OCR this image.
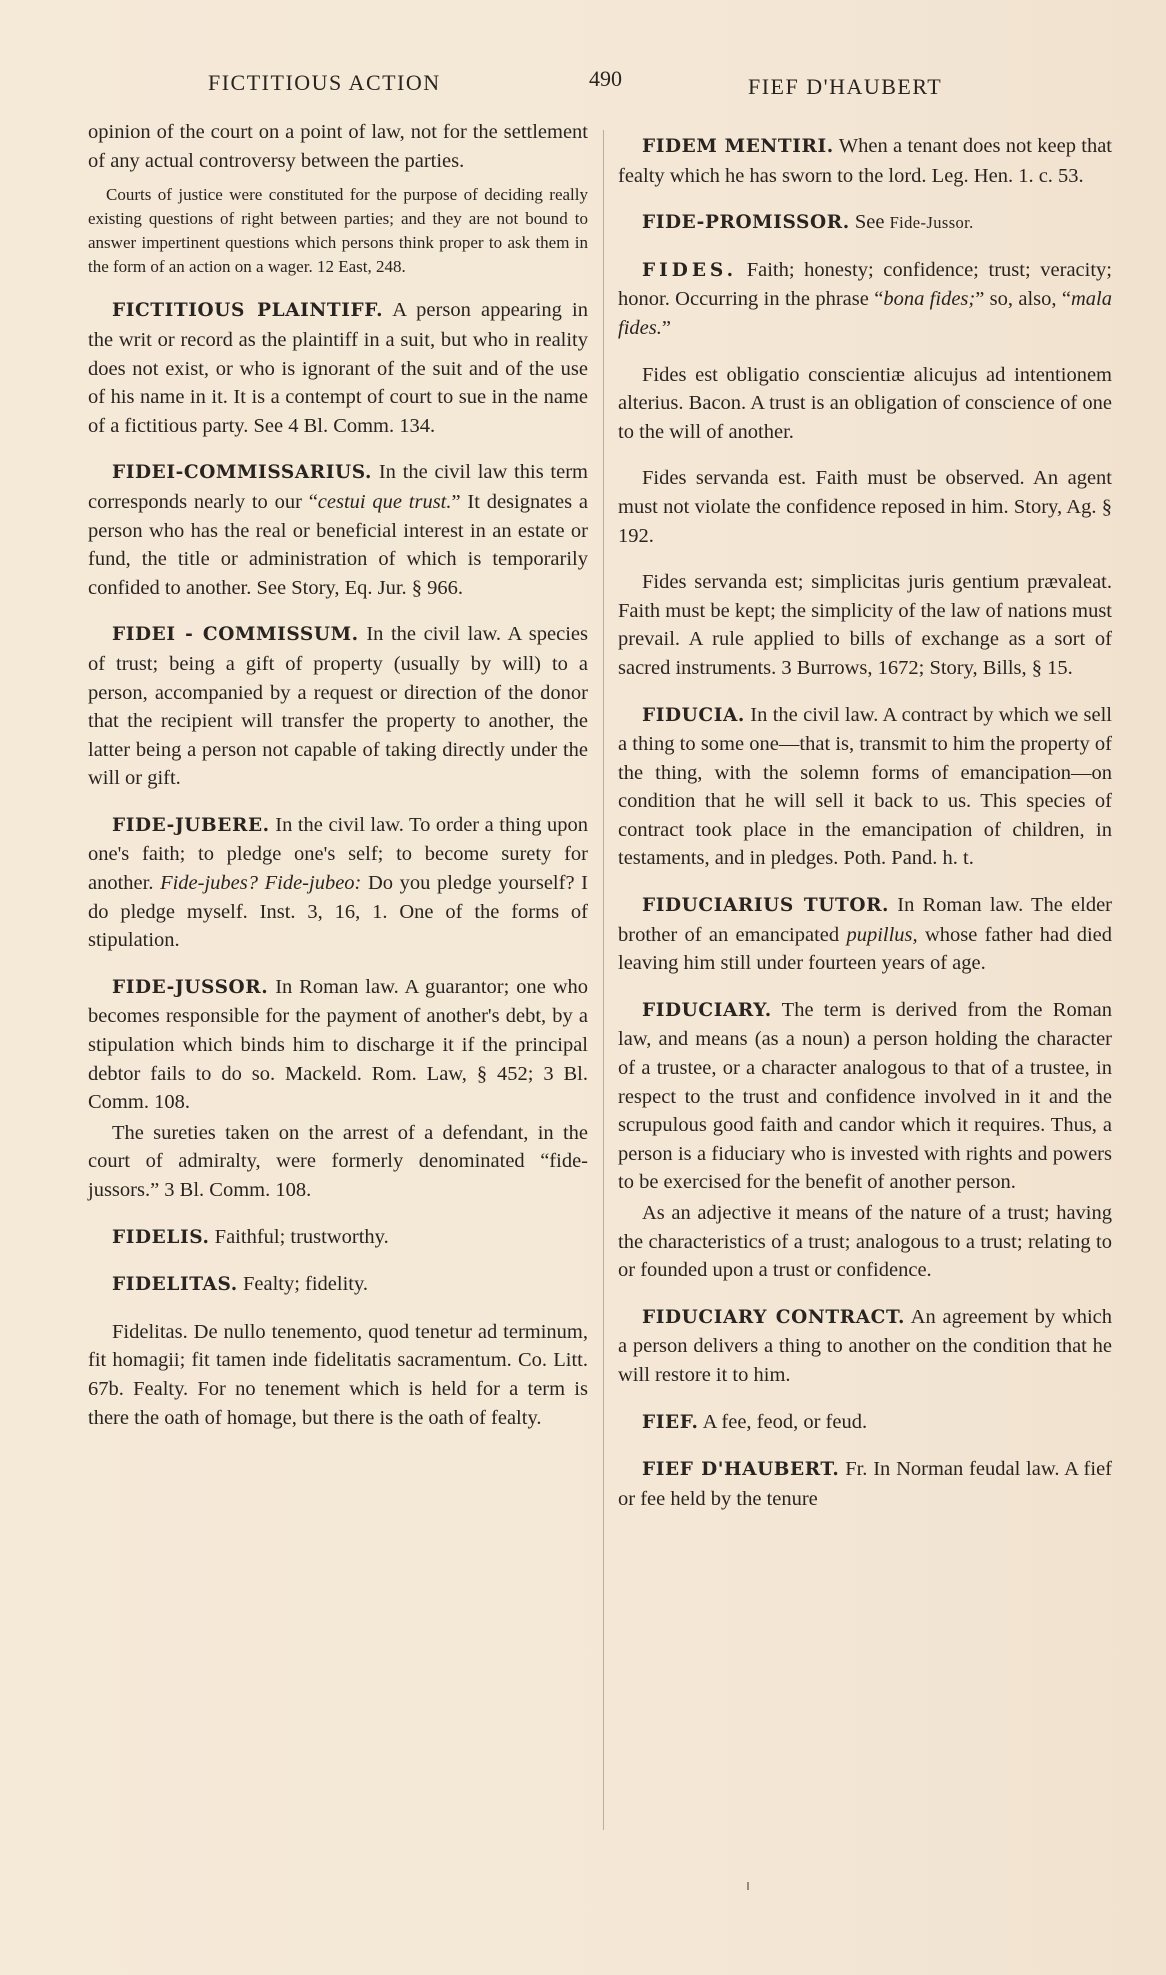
FICTITIOUS ACTION	490	FIEF D'HAUBERT

opinion of the court on a point of law, not for the settlement of any actual controversy between the parties.

Courts of justice were constituted for the purpose of deciding really existing questions of right between parties; and they are not bound to answer impertinent questions which persons think proper to ask them in the form of an action on a wager. 12 East, 248.

FICTITIOUS PLAINTIFF. A person appearing in the writ or record as the plaintiff in a suit, but who in reality does not exist, or who is ignorant of the suit and of the use of his name in it. It is a contempt of court to sue in the name of a fictitious party. See 4 Bl. Comm. 134.

FIDEI-COMMISSARIUS. In the civil law this term corresponds nearly to our “cestui que trust.” It designates a person who has the real or beneficial interest in an estate or fund, the title or administration of which is temporarily confided to another. See Story, Eq. Jur. § 966.

FIDEI - COMMISSUM. In the civil law. A species of trust; being a gift of property (usually by will) to a person, accompanied by a request or direction of the donor that the recipient will transfer the property to another, the latter being a person not capable of taking directly under the will or gift.

FIDE-JUBERE. In the civil law. To order a thing upon one's faith; to pledge one's self; to become surety for another. Fide-jubes? Fide-jubeo: Do you pledge yourself? I do pledge myself. Inst. 3, 16, 1. One of the forms of stipulation.

FIDE-JUSSOR. In Roman law. A guarantor; one who becomes responsible for the payment of another's debt, by a stipulation which binds him to discharge it if the principal debtor fails to do so. Mackeld. Rom. Law, § 452; 3 Bl. Comm. 108.

The sureties taken on the arrest of a defendant, in the court of admiralty, were formerly denominated “fide-jussors.” 3 Bl. Comm. 108.

FIDELIS. Faithful; trustworthy.

FIDELITAS. Fealty; fidelity.

Fidelitas. De nullo tenemento, quod tenetur ad terminum, fit homagii; fit tamen inde fidelitatis sacramentum. Co. Litt. 67b. Fealty. For no tenement which is held for a term is there the oath of homage, but there is the oath of fealty.

FIDEM MENTIRI. When a tenant does not keep that fealty which he has sworn to the lord. Leg. Hen. 1. c. 53.

FIDE-PROMISSOR. See Fide-Jussor.

FIDES. Faith; honesty; confidence; trust; veracity; honor. Occurring in the phrase “bona fides;” so, also, “mala fides.”

Fides est obligatio conscientiæ alicujus ad intentionem alterius. Bacon. A trust is an obligation of conscience of one to the will of another.

Fides servanda est. Faith must be observed. An agent must not violate the confidence reposed in him. Story, Ag. § 192.

Fides servanda est; simplicitas juris gentium prævaleat. Faith must be kept; the simplicity of the law of nations must prevail. A rule applied to bills of exchange as a sort of sacred instruments. 3 Burrows, 1672; Story, Bills, § 15.

FIDUCIA. In the civil law. A contract by which we sell a thing to some one—that is, transmit to him the property of the thing, with the solemn forms of emancipation—on condition that he will sell it back to us. This species of contract took place in the emancipation of children, in testaments, and in pledges. Poth. Pand. h. t.

FIDUCIARIUS TUTOR. In Roman law. The elder brother of an emancipated pupillus, whose father had died leaving him still under fourteen years of age.

FIDUCIARY. The term is derived from the Roman law, and means (as a noun) a person holding the character of a trustee, or a character analogous to that of a trustee, in respect to the trust and confidence involved in it and the scrupulous good faith and candor which it requires. Thus, a person is a fiduciary who is invested with rights and powers to be exercised for the benefit of another person.

As an adjective it means of the nature of a trust; having the characteristics of a trust; analogous to a trust; relating to or founded upon a trust or confidence.

FIDUCIARY CONTRACT. An agreement by which a person delivers a thing to another on the condition that he will restore it to him.

FIEF. A fee, feod, or feud.

FIEF D'HAUBERT. Fr. In Norman feudal law. A fief or fee held by the tenure
